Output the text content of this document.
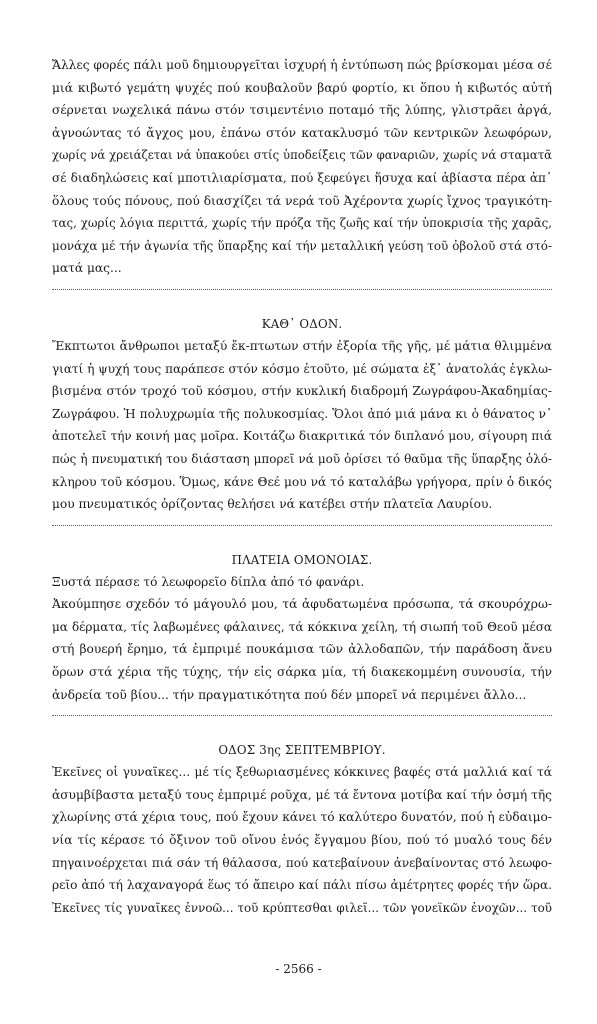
Ἄλλες φορές πάλι μοῦ δημιουργεῖται ἰσχυρή ἡ ἐντύπωση πώς βρίσκομαι μέσα σέ
μιά κιβωτό γεμάτη ψυχές πού κουβαλοῦν βαρύ φορτίο, κι ὅπου ἡ κιβωτός αὐτή
σέρνεται νωχελικά πάνω στόν τσιμεντένιο ποταμό τῆς λύπης, γλιστρᾶει ἀργά,
ἀγνοώντας τό ἄγχος μου, ἐπάνω στόν κατακλυσμό τῶν κεντρικῶν λεωφόρων,
χωρίς νά χρειάζεται νά ὑπακούει στίς ὑποδείξεις τῶν φαναριῶν, χωρίς νά σταματᾶ
σέ διαδηλώσεις καί μποτιλιαρίσματα, πού ξεφεύγει ἥσυχα καί ἀβίαστα πέρα ἀπ᾽
ὅλους τούς πόνους, πού διασχίζει τά νερά τοῦ Ἀχέροντα χωρίς ἴχνος τραγικότη-
τας, χωρίς λόγια περιττά, χωρίς τήν πρόζα τῆς ζωῆς καί τήν ὑποκρισία τῆς χαρᾶς,
μονάχα μέ τήν ἀγωνία τῆς ὕπαρξης καί τήν μεταλλική γεύση τοῦ ὀβολοῦ στά στό-
ματά μας...

ΚΑΘ᾽ ΟΔΟΝ.

Ἔκπτωτοι ἄνθρωποι μεταξύ ἔκ-πτωτων στήν ἐξορία τῆς γῆς, μέ μάτια θλιμμένα
γιατί ἡ ψυχή τους παράπεσε στόν κόσμο ἐτοῦτο, μέ σώματα ἐξ᾽ ἀνατολάς ἐγκλω-
βισμένα στόν τροχό τοῦ κόσμου, στήν κυκλική διαδρομή Ζωγράφου-Ἀκαδημίας-
Ζωγράφου. Ἡ πολυχρωμία τῆς πολυκοσμίας. Ὅλοι ἀπό μιά μάνα κι ὁ θάνατος ν᾽
ἀποτελεῖ τήν κοινή μας μοῖρα. Κοιτάζω διακριτικά τόν διπλανό μου, σίγουρη πιά
πώς ἡ πνευματική του διάσταση μπορεῖ νά μοῦ ὁρίσει τό θαῦμα τῆς ὕπαρξης ὁλό-
κληρου τοῦ κόσμου. Ὅμως, κάνε Θεέ μου νά τό καταλάβω γρήγορα, πρίν ὁ δικός
μου πνευματικός ὁρίζοντας θελήσει νά κατέβει στήν πλατεῖα Λαυρίου.

ΠΛΑΤΕΙΑ ΟΜΟΝΟΙΑΣ.

Ξυστά πέρασε τό λεωφορεῖο δίπλα ἀπό τό φανάρι.
Ἀκούμπησε σχεδόν τό μάγουλό μου, τά ἀφυδατωμένα πρόσωπα, τά σκουρόχρω-
μα δέρματα, τίς λαβωμένες φάλαινες, τά κόκκινα χείλη, τή σιωπή τοῦ Θεοῦ μέσα
στή βουερή ἔρημο, τά ἐμπριμέ πουκάμισα τῶν ἀλλοδαπῶν, τήν παράδοση ἄνευ
ὅρων στά χέρια τῆς τύχης, τήν εἰς σάρκα μία, τή διακεκομμένη συνουσία, τήν
ἀνδρεία τοῦ βίου... τήν πραγματικότητα πού δέν μπορεῖ νά περιμένει ἄλλο...

ΟΔΟΣ 3ης ΣΕΠΤΕΜΒΡΙΟΥ.

Ἐκεῖνες οἱ γυναῖκες... μέ τίς ξεθωριασμένες κόκκινες βαφές στά μαλλιά καί τά
ἀσυμβίβαστα μεταξύ τους ἐμπριμέ ροῦχα, μέ τά ἔντονα μοτίβα καί τήν ὀσμή τῆς
χλωρίνης στά χέρια τους, πού ἔχουν κάνει τό καλύτερο δυνατόν, πού ἡ εὐδαιμο-
νία τίς κέρασε τό ὄξινον τοῦ οἴνου ἑνός ἔγγαμου βίου, πού τό μυαλό τους δέν
πηγαινοέρχεται πιά σάν τή θάλασσα, πού κατεβαίνουν ἀνεβαίνοντας στό λεωφο-
ρεῖο ἀπό τή λαχαναγορά ἕως τό ἄπειρο καί πάλι πίσω ἀμέτρητες φορές τήν ὥρα.
Ἐκεῖνες τίς γυναῖκες ἐννοῶ... τοῦ κρύπτεσθαι φιλεῖ... τῶν γονεϊκῶν ἐνοχῶν... τοῦ
- 2566 -
